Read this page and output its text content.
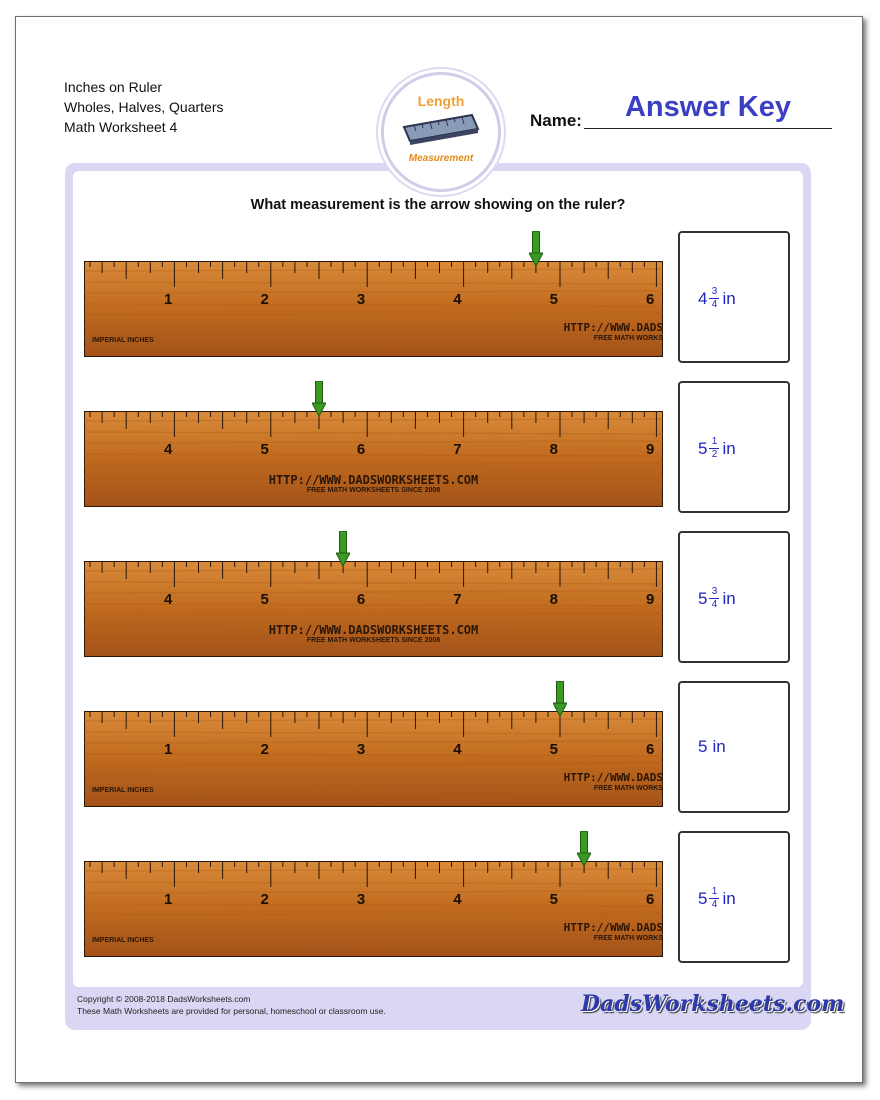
Inches on Ruler
Wholes, Halves, Quarters
Math Worksheet 4
Length
Measurement
Answer Key
Name:
What measurement is the arrow showing on the ruler?
1	2	3	4	5	6
IMPERIAL INCHES
HTTP://WWW.DADS
FREE MATH WORKS
$4 \frac{3}{4}$ in
4	5	6	7	8	9
HTTP://WWW.DADSWORKSHEETS.COM
FREE MATH WORKSHEETS SINCE 2008
$5 \frac{1}{2}$ in
4	5	6	7	8	9
HTTP://WWW.DADSWORKSHEETS.COM
FREE MATH WORKSHEETS SINCE 2008
$5 \frac{3}{4}$ in
1	2	3	4	5	6
IMPERIAL INCHES
HTTP://WWW.DADS
FREE MATH WORKS
5 in
1	2	3	4	5	6
IMPERIAL INCHES
HTTP://WWW.DADS
FREE MATH WORKS
$5 \frac{1}{4}$ in
Copyright © 2008-2018 DadsWorksheets.com
These Math Worksheets are provided for personal, homeschool or classroom use.	DadsWorksheets.com
